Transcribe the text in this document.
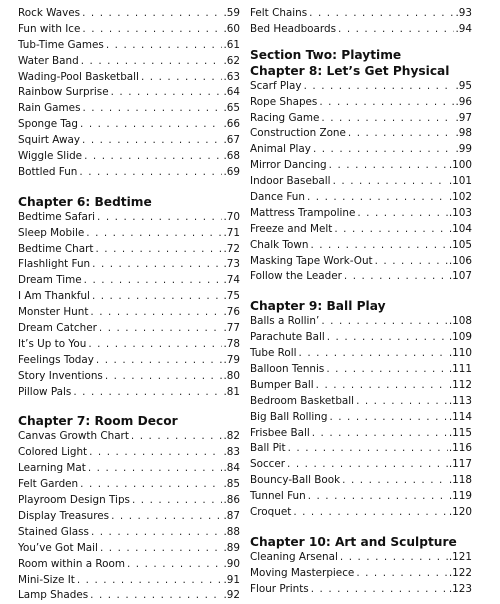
Rock Waves . . .	.59
Fun with Ice . . .	.60
Tub-Time Games . . .	.61
Water Band . . .	.62
Wading-Pool Basketball . . .	.63
Rainbow Surprise . . .	.64
Rain Games . . .	.65
Sponge Tag . . .	.66
Squirt Away . . .	.67
Wiggle Slide . . .	.68
Bottled Fun . . .	.69
Chapter 6: Bedtime
Bedtime Safari . . .	.70
Sleep Mobile . . .	.71
Bedtime Chart . . .	.72
Flashlight Fun . . .	.73
Dream Time . . .	.74
I Am Thankful . . .	.75
Monster Hunt . . .	.76
Dream Catcher . . .	.77
It’s Up to You . . .	.78
Feelings Today . . .	.79
Story Inventions . . .	.80
Pillow Pals . . .	.81
Chapter 7: Room Decor
Canvas Growth Chart . . .	.82
Colored Light . . .	.83
Learning Mat . . .	.84
Felt Garden . . .	.85
Playroom Design Tips . . .	.86
Display Treasures . . .	.87
Stained Glass . . .	.88
You’ve Got Mail . . .	.89
Room within a Room . . .	.90
Mini-Size It . . .	.91
Lamp Shades . . .	.92
Felt Chains . . .	.93
Bed Headboards . . .	.94
Section Two: Playtime
Chapter 8: Let’s Get Physical
Scarf Play . . .	.95
Rope Shapes . . .	.96
Racing Game . . .	.97
Construction Zone . . .	.98
Animal Play . . .	.99
Mirror Dancing . . .	.100
Indoor Baseball . . .	.101
Dance Fun . . .	.102
Mattress Trampoline . . .	.103
Freeze and Melt . . .	.104
Chalk Town . . .	.105
Masking Tape Work-Out . . .	.106
Follow the Leader . . .	.107
Chapter 9: Ball Play
Balls a Rollin’ . . .	.108
Parachute Ball . . .	.109
Tube Roll . . .	.110
Balloon Tennis . . .	.111
Bumper Ball . . .	.112
Bedroom Basketball . . .	.113
Big Ball Rolling . . .	.114
Frisbee Ball . . .	.115
Ball Pit . . .	.116
Soccer . . .	.117
Bouncy-Ball Book . . .	.118
Tunnel Fun . . .	.119
Croquet . . .	.120
Chapter 10: Art and Sculpture
Cleaning Arsenal . . .	.121
Moving Masterpiece . . .	.122
Flour Prints . . .	.123
